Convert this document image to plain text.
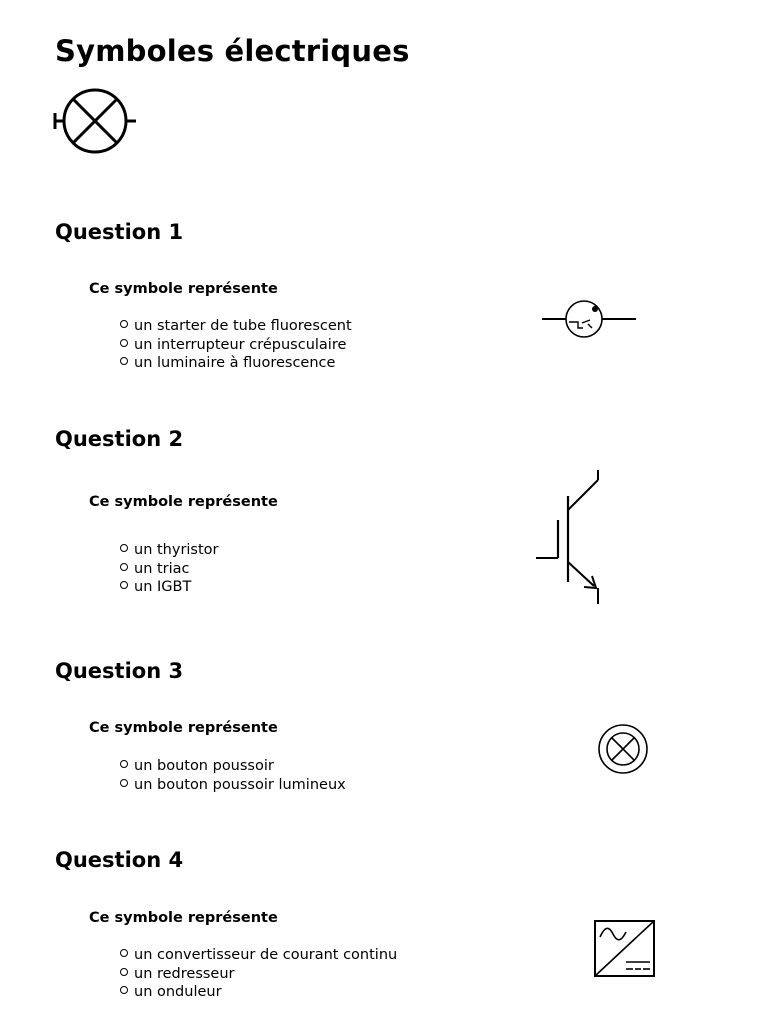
Symboles électriques
Question 1

Ce symbole représente

un starter de tube fluorescent
un interrupteur crépusculaire
un luminaire à fluorescence
Question 2

Ce symbole représente

un thyristor
un triac
un IGBT
Question 3

Ce symbole représente

un bouton poussoir
un bouton poussoir lumineux
Question 4

Ce symbole représente

un convertisseur de courant continu
un redresseur
un onduleur
